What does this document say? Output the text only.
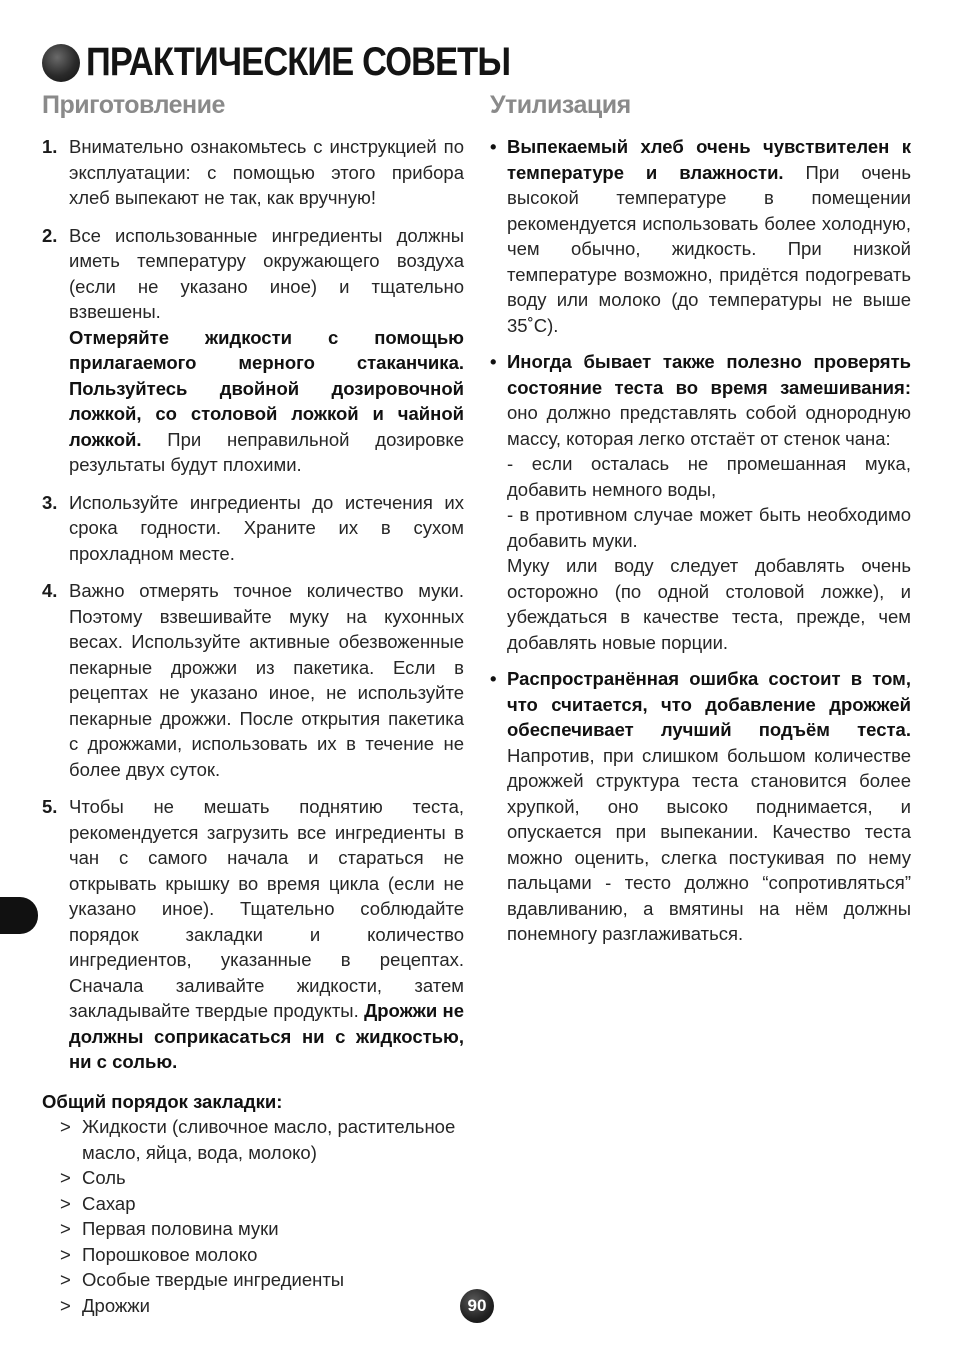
ПРАКТИЧЕСКИЕ СОВЕТЫ
Приготовление	Утилизация
1. Внимательно ознакомьтесь с инструкцией по эксплуатации: с помощью этого прибора хлеб выпекают не так, как вручную!

2. Все использованные ингредиенты должны иметь температуру окружающего воздуха (если не указано иное) и тщательно взвешены.

Отмеряйте жидкости с помощью прилагаемого мерного стаканчика. Пользуйтесь двойной дозировочной ложкой, со столовой ложкой и чайной ложкой. При неправильной дозировке результаты будут плохими.

3. Используйте ингредиенты до истечения их срока годности. Храните их в сухом прохладном месте.

4. Важно отмерять точное количество муки. Поэтому взвешивайте муку на кухонных весах. Используйте активные обезвоженные пекарные дрожжи из пакетика. Если в рецептах не указано иное, не используйте пекарные дрожжи. После открытия пакетика с дрожжами, использовать их в течение не более двух суток.

5. Чтобы не мешать поднятию теста, рекомендуется загрузить все ингредиенты в чан с самого начала и стараться не открывать крышку во время цикла (если не указано иное). Тщательно соблюдайте порядок закладки и количество ингредиентов, указанные в рецептах. Сначала заливайте жидкости, затем закладывайте твердые продукты. Дрожжи не должны соприкасаться ни с жидкостью, ни с солью.

Общий порядок закладки:
> Жидкости (сливочное масло, растительное масло, яйца, вода, молоко)
> Соль
> Сахар
> Первая половина муки
> Порошковое молоко
> Особые твердые ингредиенты
> Дрожжи
• Выпекаемый хлеб очень чувствителен к температуре и влажности. При очень высокой температуре в помещении рекомендуется использовать более холодную, чем обычно, жидкость. При низкой температуре возможно, придётся подогревать воду или молоко (до температуры не выше 35˚C).

• Иногда бывает также полезно проверять состояние теста во время замешивания: оно должно представлять собой однородную массу, которая легко отстаёт от стенок чана:

- если осталась не промешанная мука, добавить немного воды,

- в противном случае может быть необходимо добавить муки.

Муку или воду следует добавлять очень осторожно (по одной столовой ложке), и убеждаться в качестве теста, прежде, чем добавлять новые порции.

• Распространённая ошибка состоит в том, что считается, что добавление дрожжей обеспечивает лучший подъём теста. Напротив, при слишком большом количестве дрожжей структура теста становится более хрупкой, оно высоко поднимается, и опускается при выпекании. Качество теста можно оценить, слегка постукивая по нему пальцами - тесто должно “сопротивляться” вдавливанию, а вмятины на нём должны понемногу разглаживаться.

90
